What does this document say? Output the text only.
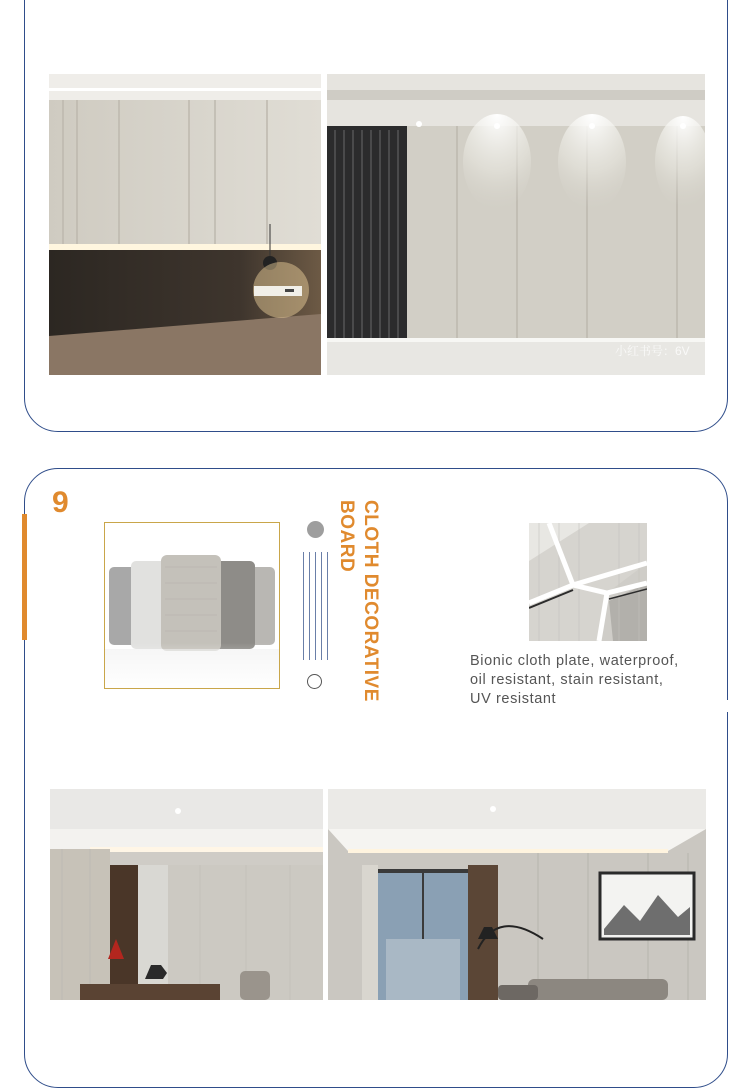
小红书号：6V
9	CLOTH DECORATIVE
BOARD
Bionic cloth plate, waterproof,
oil resistant, stain resistant,
UV resistant
